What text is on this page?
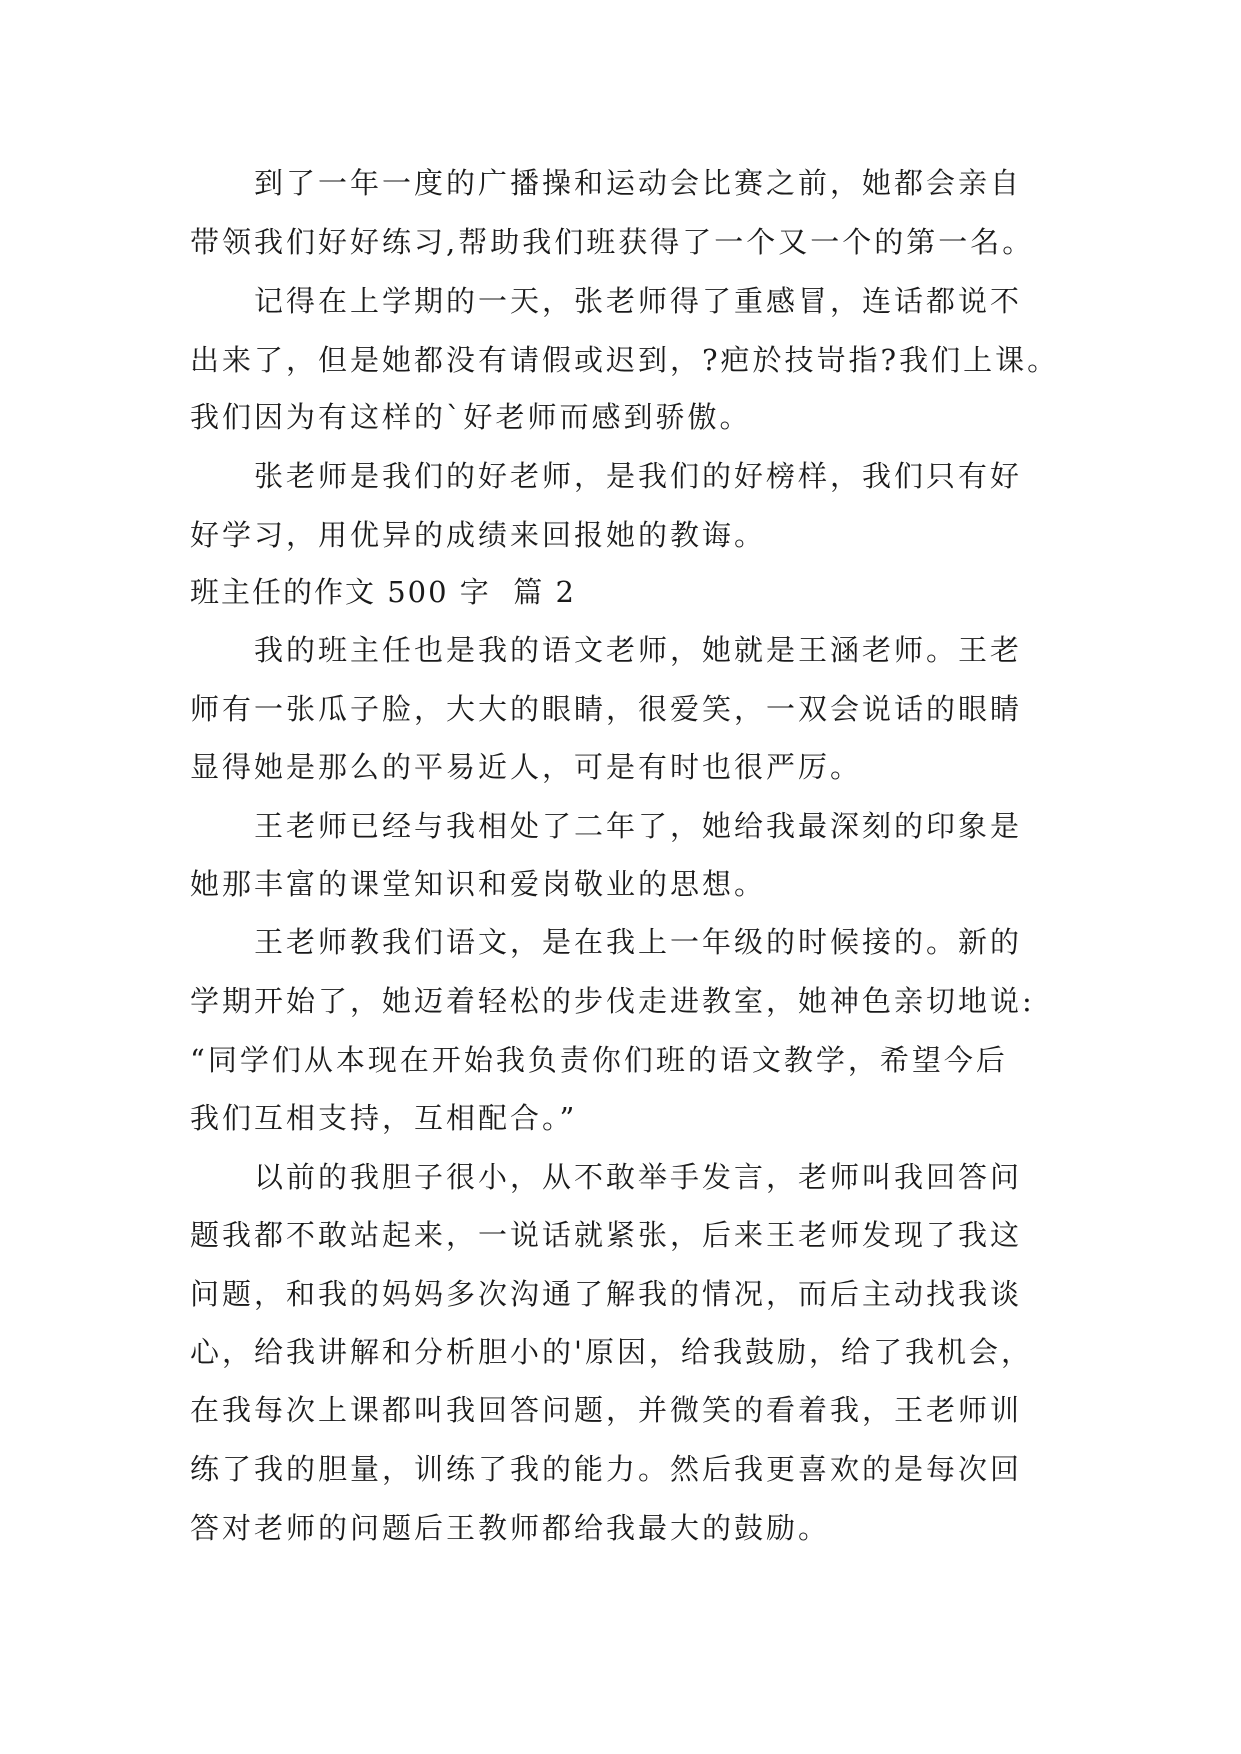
到了一年一度的广播操和运动会比赛之前，她都会亲自
带领我们好好练习,帮助我们班获得了一个又一个的第一名。
记得在上学期的一天，张老师得了重感冒，连话都说不
出来了，但是她都没有请假或迟到，?疤於技岢指?我们上课。
我们因为有这样的`好老师而感到骄傲。
张老师是我们的好老师，是我们的好榜样，我们只有好
好学习，用优异的成绩来回报她的教诲。
班主任的作文 500 字  篇 2
我的班主任也是我的语文老师，她就是王涵老师。王老
师有一张瓜子脸，大大的眼睛，很爱笑，一双会说话的眼睛
显得她是那么的平易近人，可是有时也很严厉。
王老师已经与我相处了二年了，她给我最深刻的印象是
她那丰富的课堂知识和爱岗敬业的思想。
王老师教我们语文，是在我上一年级的时候接的。新的
学期开始了，她迈着轻松的步伐走进教室，她神色亲切地说:
“同学们从本现在开始我负责你们班的语文教学，希望今后
我们互相支持，互相配合。”
以前的我胆子很小，从不敢举手发言，老师叫我回答问
题我都不敢站起来，一说话就紧张，后来王老师发现了我这
问题，和我的妈妈多次沟通了解我的情况，而后主动找我谈
心，给我讲解和分析胆小的'原因，给我鼓励，给了我机会，
在我每次上课都叫我回答问题，并微笑的看着我，王老师训
练了我的胆量，训练了我的能力。然后我更喜欢的是每次回
答对老师的问题后王教师都给我最大的鼓励。
